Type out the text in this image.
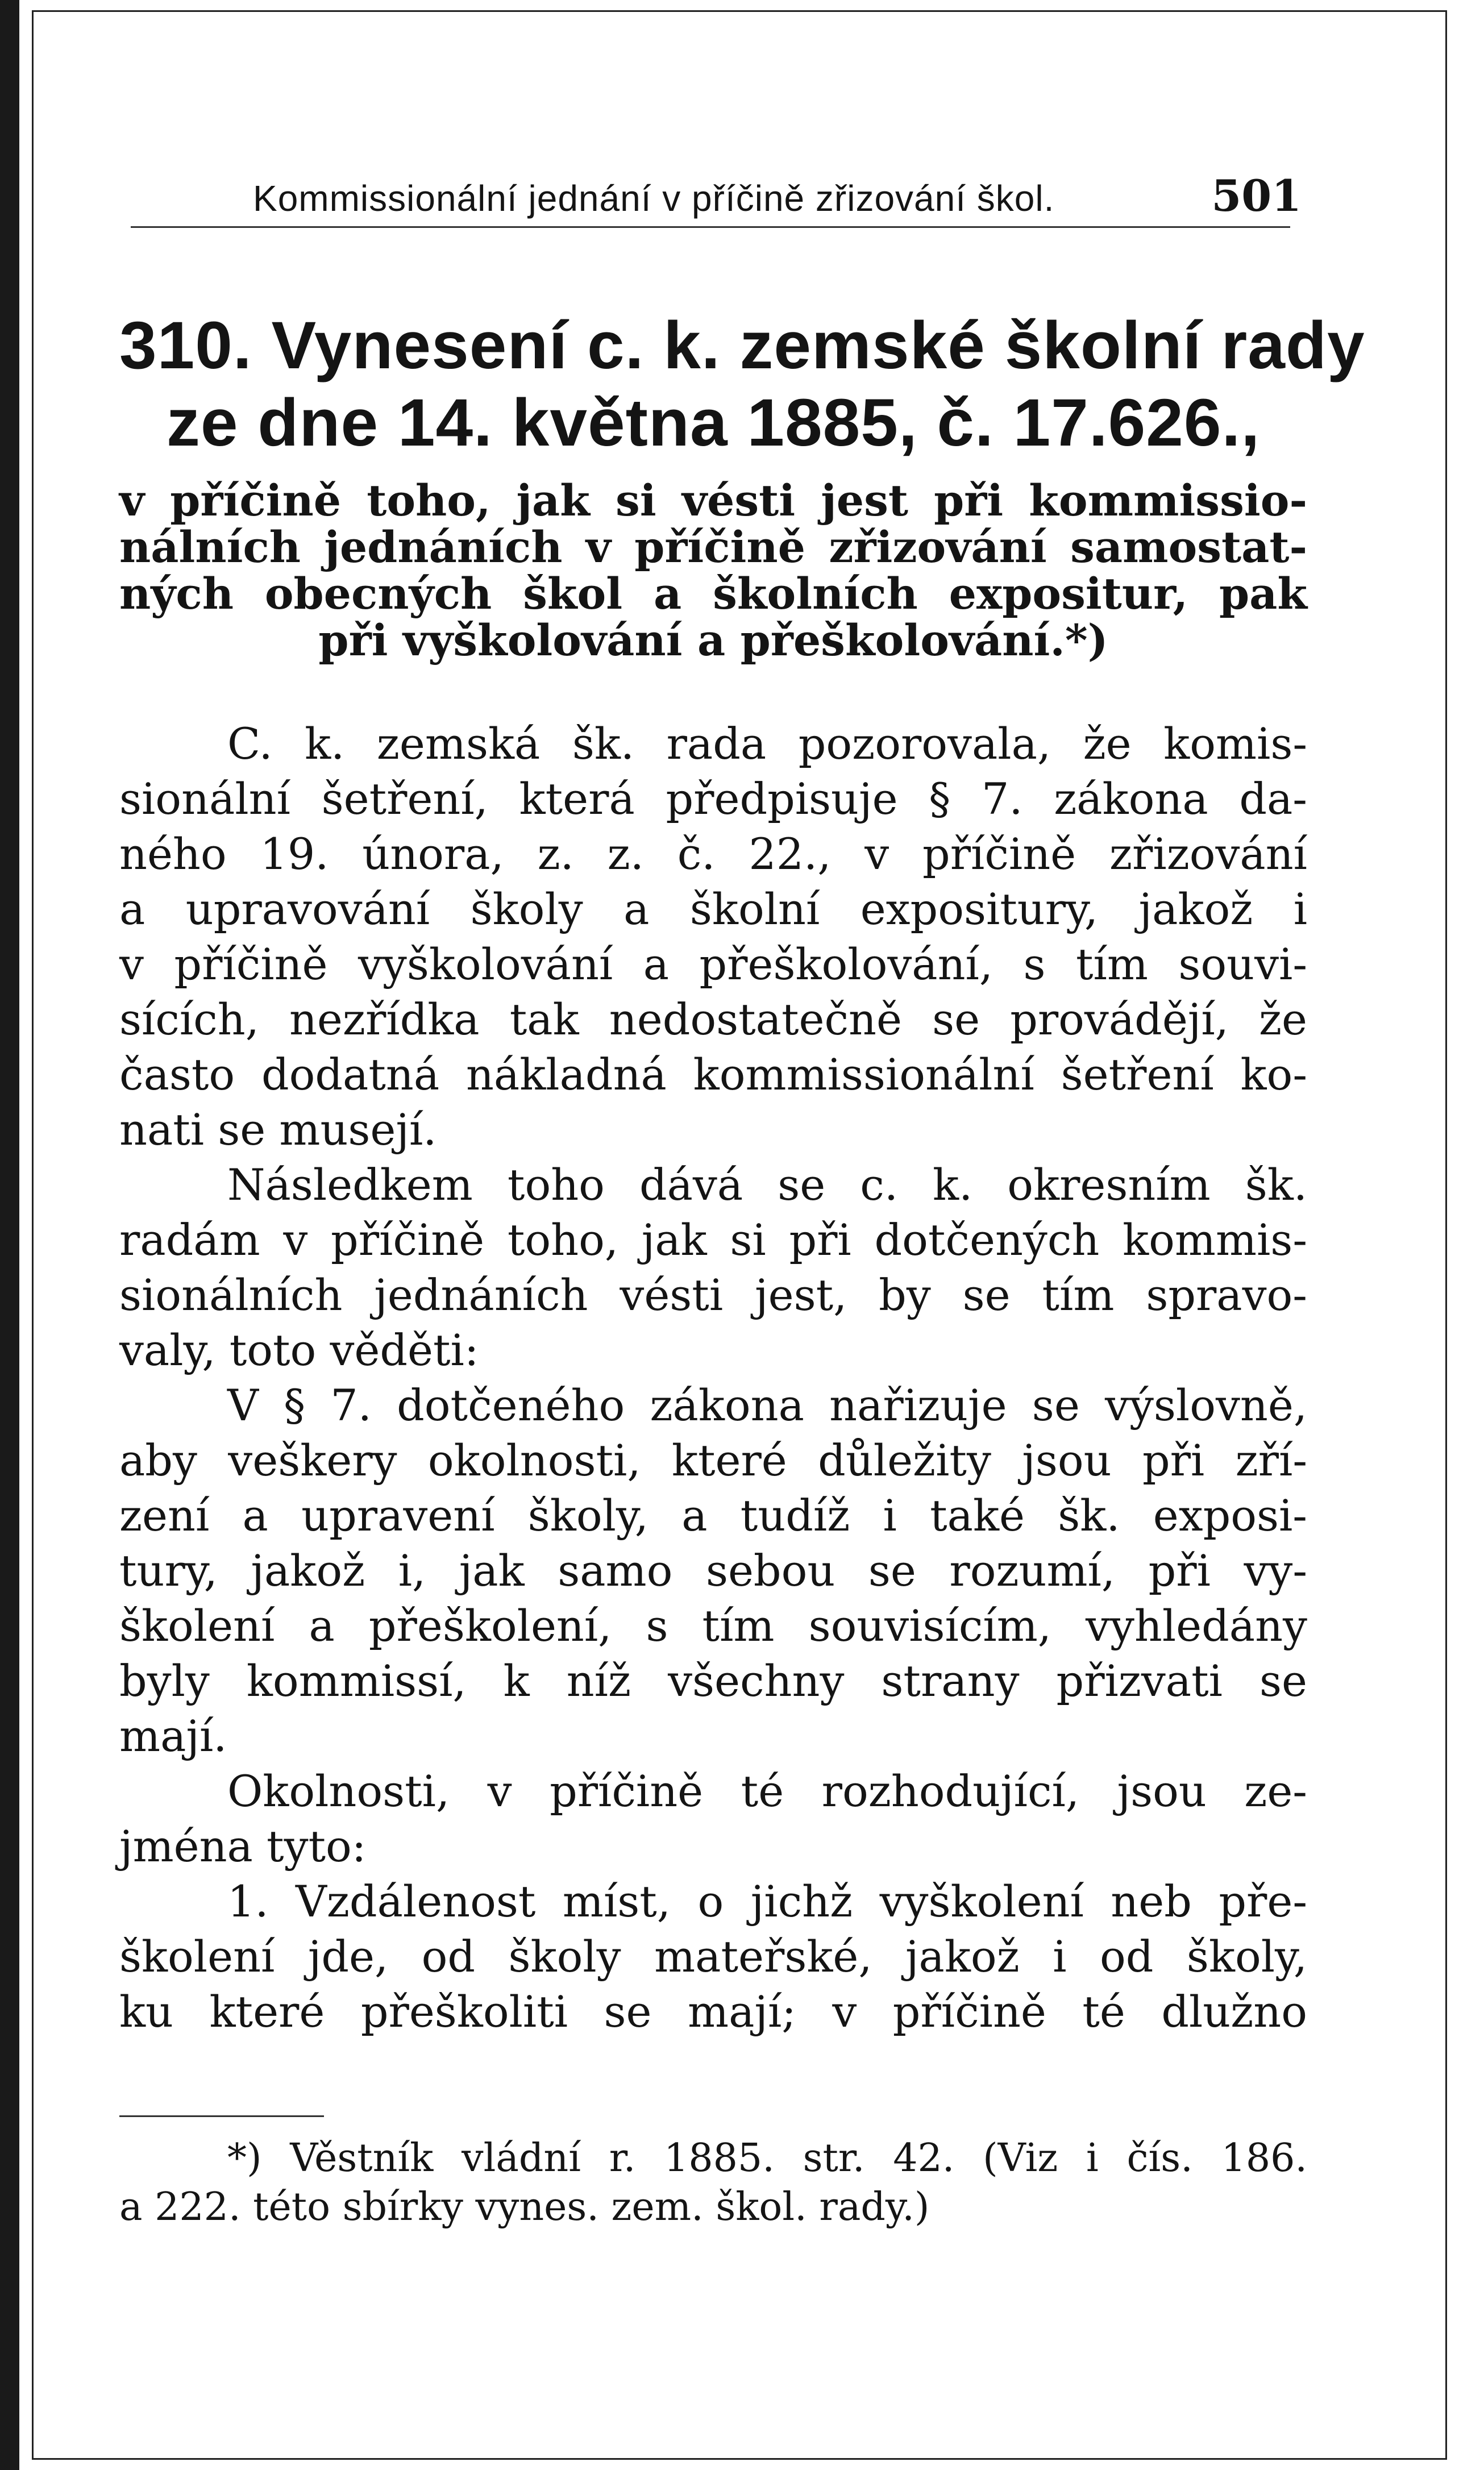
Kommissionální jednání v příčině zřizování škol.	501
310. Vynesení c. k. zemské školní rady
ze dne 14. května 1885, č. 17.626.,
v příčině toho, jak si vésti jest při kommissio-
nálních jednáních v příčině zřizování samostat-
ných obecných škol a školních expositur, pak
při vyškolování a přeškolování.*)
C. k. zemská šk. rada pozorovala, že komis-
sionální šetření, která předpisuje § 7. zákona da-
ného 19. února, z. z. č. 22., v příčině zřizování
a upravování školy a školní expositury, jakož i
v příčině vyškolování a přeškolování, s tím souvi-
sících, nezřídka tak nedostatečně se provádějí, že
často dodatná nákladná kommissionální šetření ko-
nati se musejí.
Následkem toho dává se c. k. okresním šk.
radám v příčině toho, jak si při dotčených kommis-
sionálních jednáních vésti jest, by se tím spravo-
valy, toto věděti:
V § 7. dotčeného zákona nařizuje se výslovně,
aby veškery okolnosti, které důležity jsou při zří-
zení a upravení školy, a tudíž i také šk. exposi-
tury, jakož i, jak samo sebou se rozumí, při vy-
školení a přeškolení, s tím souvisícím, vyhledány
byly kommissí, k níž všechny strany přizvati se
mají.
Okolnosti, v příčině té rozhodující, jsou ze-
jména tyto:
1. Vzdálenost míst, o jichž vyškolení neb pře-
školení jde, od školy mateřské, jakož i od školy,
ku které přeškoliti se mají; v příčině té dlužno
*) Věstník vládní r. 1885. str. 42. (Viz i čís. 186.
a 222. této sbírky vynes. zem. škol. rady.)
